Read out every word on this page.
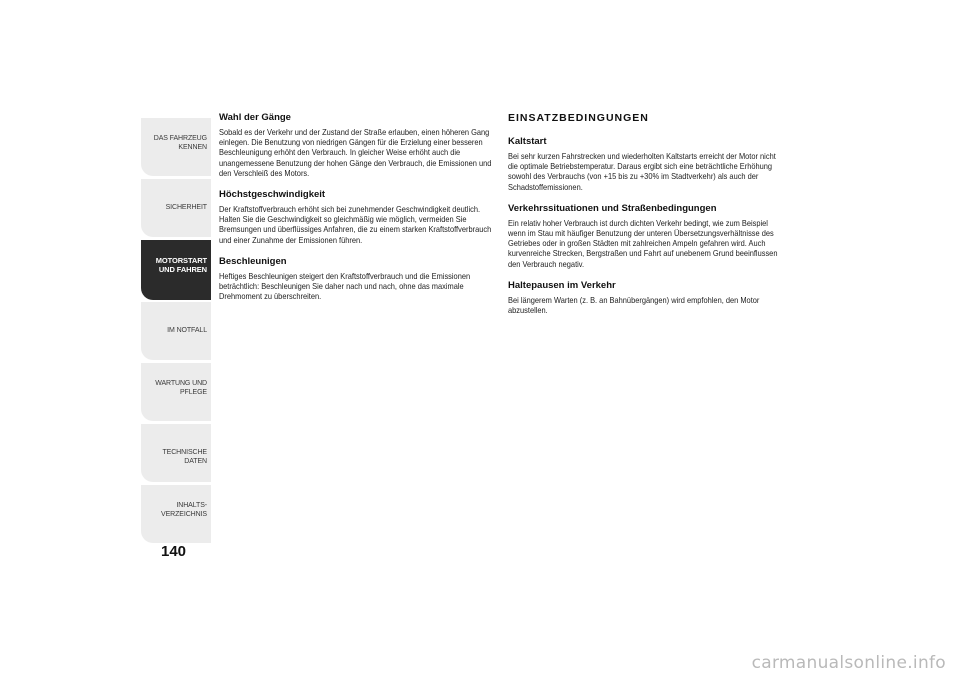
DAS FAHRZEUG
KENNEN
SICHERHEIT
MOTORSTART
UND FAHREN
IM NOTFALL
WARTUNG UND
PFLEGE
TECHNISCHE DATEN
INHALTS-
VERZEICHNIS
140
Wahl der Gänge

Sobald es der Verkehr und der Zustand der Straße erlauben, einen höheren Gang einlegen. Die Benutzung von niedrigen Gängen für die Erzielung einer besseren Beschleunigung erhöht den Verbrauch. In gleicher Weise erhöht auch die unangemessene Benutzung der hohen Gänge den Verbrauch, die Emissionen und den Verschleiß des Motors.

Höchstgeschwindigkeit

Der Kraftstoffverbrauch erhöht sich bei zunehmender Geschwindigkeit deutlich. Halten Sie die Geschwindigkeit so gleichmäßig wie möglich, vermeiden Sie Bremsungen und überflüssiges Anfahren, die zu einem starken Kraftstoffverbrauch und einer Zunahme der Emissionen führen.

Beschleunigen

Heftiges Beschleunigen steigert den Kraftstoffverbrauch und die Emissionen beträchtlich: Beschleunigen Sie daher nach und nach, ohne das maximale Drehmoment zu überschreiten.

EINSATZBEDINGUNGEN
Kaltstart

Bei sehr kurzen Fahrstrecken und wiederholten Kaltstarts erreicht der Motor nicht die optimale Betriebstemperatur. Daraus ergibt sich eine beträchtliche Erhöhung sowohl des Verbrauchs (von +15 bis zu +30% im Stadtverkehr) als auch der Schadstoffemissionen.

Verkehrssituationen und Straßenbedingungen

Ein relativ hoher Verbrauch ist durch dichten Verkehr bedingt, wie zum Beispiel wenn im Stau mit häufiger Benutzung der unteren Übersetzungsverhältnisse des Getriebes oder in großen Städten mit zahlreichen Ampeln gefahren wird. Auch kurvenreiche Strecken, Bergstraßen und Fahrt auf unebenem Grund beeinflussen den Verbrauch negativ.

Haltepausen im Verkehr

Bei längerem Warten (z. B. an Bahnübergängen) wird empfohlen, den Motor abzustellen.

carmanualsonline.info
